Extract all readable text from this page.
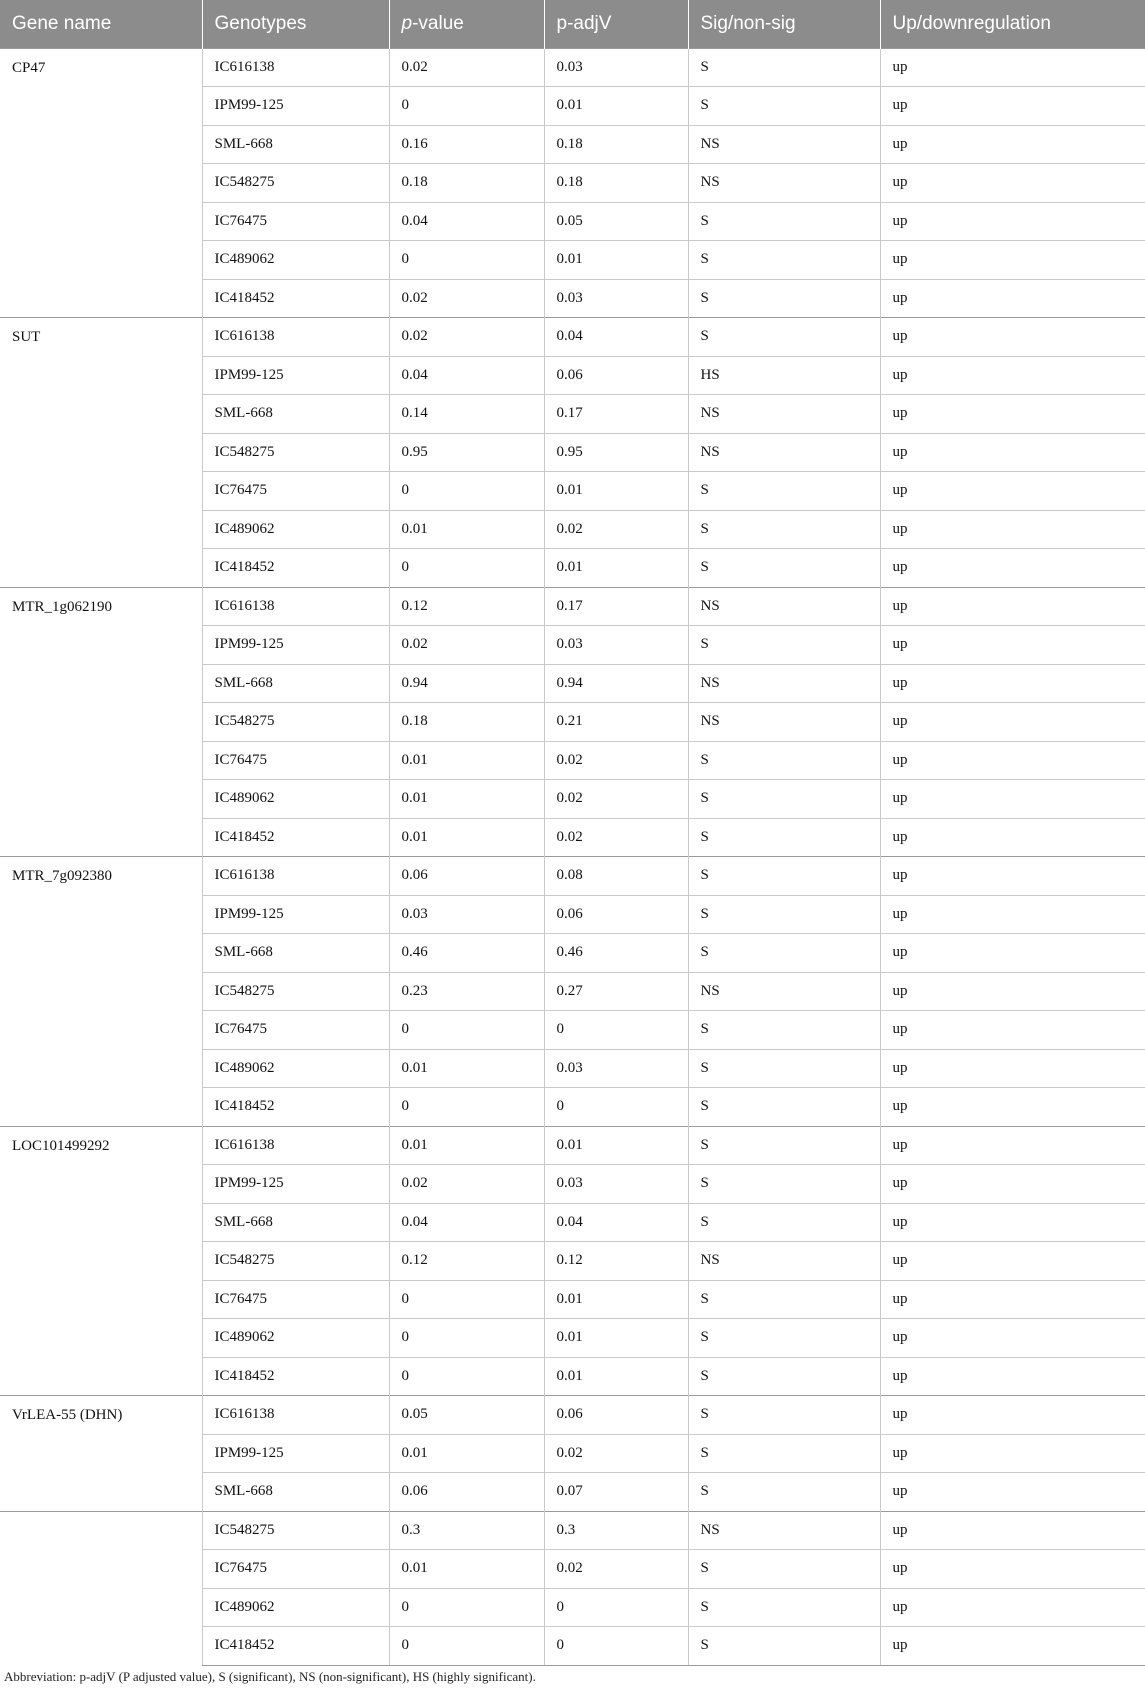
Gene name	Genotypes	p-value	p-adjV	Sig/non-sig	Up/downregulation
CP47	IC616138	0.02	0.03	S	up
	IPM99-125	0	0.01	S	up
	SML-668	0.16	0.18	NS	up
	IC548275	0.18	0.18	NS	up
	IC76475	0.04	0.05	S	up
	IC489062	0	0.01	S	up
	IC418452	0.02	0.03	S	up
SUT	IC616138	0.02	0.04	S	up
	IPM99-125	0.04	0.06	HS	up
	SML-668	0.14	0.17	NS	up
	IC548275	0.95	0.95	NS	up
	IC76475	0	0.01	S	up
	IC489062	0.01	0.02	S	up
	IC418452	0	0.01	S	up
MTR_1g062190	IC616138	0.12	0.17	NS	up
	IPM99-125	0.02	0.03	S	up
	SML-668	0.94	0.94	NS	up
	IC548275	0.18	0.21	NS	up
	IC76475	0.01	0.02	S	up
	IC489062	0.01	0.02	S	up
	IC418452	0.01	0.02	S	up
MTR_7g092380	IC616138	0.06	0.08	S	up
	IPM99-125	0.03	0.06	S	up
	SML-668	0.46	0.46	S	up
	IC548275	0.23	0.27	NS	up
	IC76475	0	0	S	up
	IC489062	0.01	0.03	S	up
	IC418452	0	0	S	up
LOC101499292	IC616138	0.01	0.01	S	up
	IPM99-125	0.02	0.03	S	up
	SML-668	0.04	0.04	S	up
	IC548275	0.12	0.12	NS	up
	IC76475	0	0.01	S	up
	IC489062	0	0.01	S	up
	IC418452	0	0.01	S	up
VrLEA-55 (DHN)	IC616138	0.05	0.06	S	up
	IPM99-125	0.01	0.02	S	up
	SML-668	0.06	0.07	S	up
	IC548275	0.3	0.3	NS	up
	IC76475	0.01	0.02	S	up
	IC489062	0	0	S	up
	IC418452	0	0	S	up
Abbreviation: p-adjV (P adjusted value), S (significant), NS (non-significant), HS (highly significant).
